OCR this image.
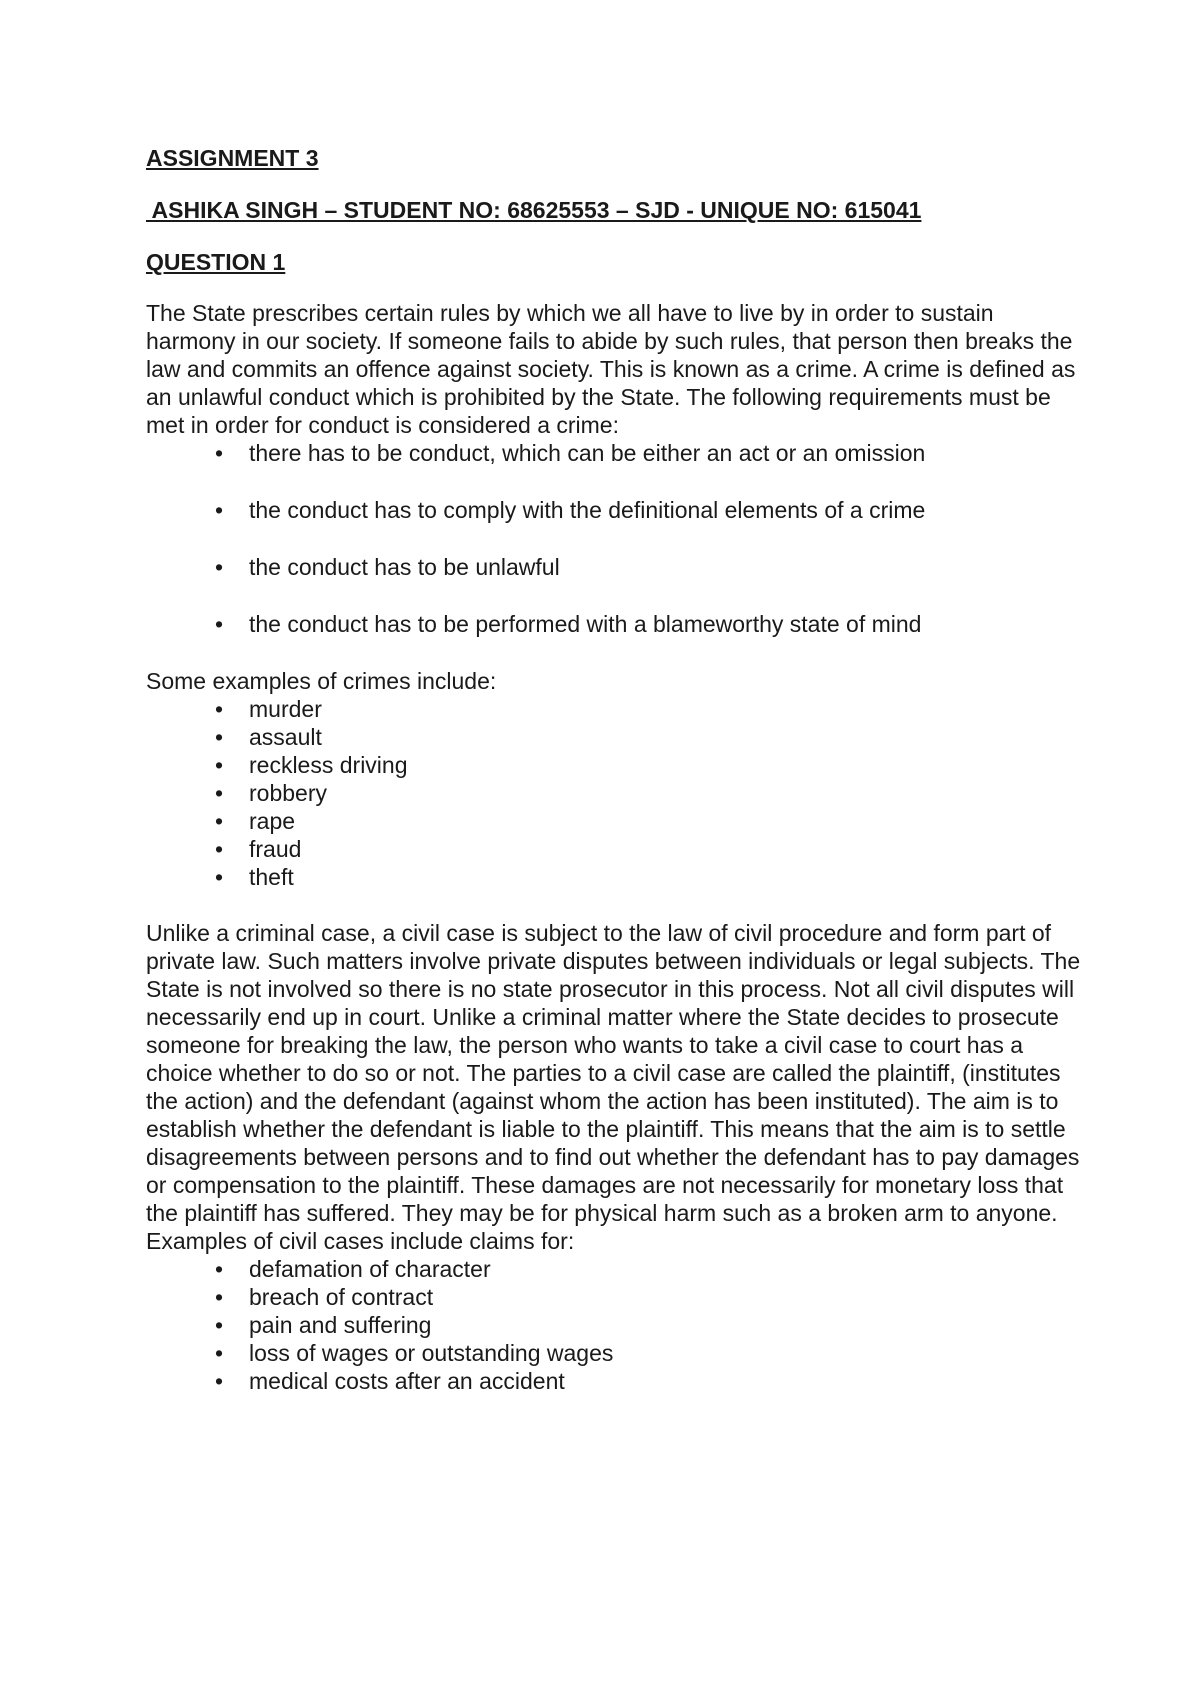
ASSIGNMENT 3
ASHIKA SINGH – STUDENT NO: 68625553 – SJD - UNIQUE NO: 615041
QUESTION 1

The State prescribes certain rules by which we all have to live by in order to sustain harmony in our society. If someone fails to abide by such rules, that person then breaks the law and commits an offence against society. This is known as a crime. A crime is defined as an unlawful conduct which is prohibited by the State. The following requirements must be met in order for conduct is considered a crime:

• there has to be conduct, which can be either an act or an omission
• the conduct has to comply with the definitional elements of a crime
• the conduct has to be unlawful
• the conduct has to be performed with a blameworthy state of mind

Some examples of crimes include:

• murder
• assault
• reckless driving
• robbery
• rape
• fraud
• theft

Unlike a criminal case, a civil case is subject to the law of civil procedure and form part of private law. Such matters involve private disputes between individuals or legal subjects. The State is not involved so there is no state prosecutor in this process. Not all civil disputes will necessarily end up in court. Unlike a criminal matter where the State decides to prosecute someone for breaking the law, the person who wants to take a civil case to court has a choice whether to do so or not. The parties to a civil case are called the plaintiff, (institutes the action) and the defendant (against whom the action has been instituted). The aim is to establish whether the defendant is liable to the plaintiff. This means that the aim is to settle disagreements between persons and to find out whether the defendant has to pay damages or compensation to the plaintiff. These damages are not necessarily for monetary loss that the plaintiff has suffered. They may be for physical harm such as a broken arm to anyone.

Examples of civil cases include claims for:

• defamation of character
• breach of contract
• pain and suffering
• loss of wages or outstanding wages
• medical costs after an accident
